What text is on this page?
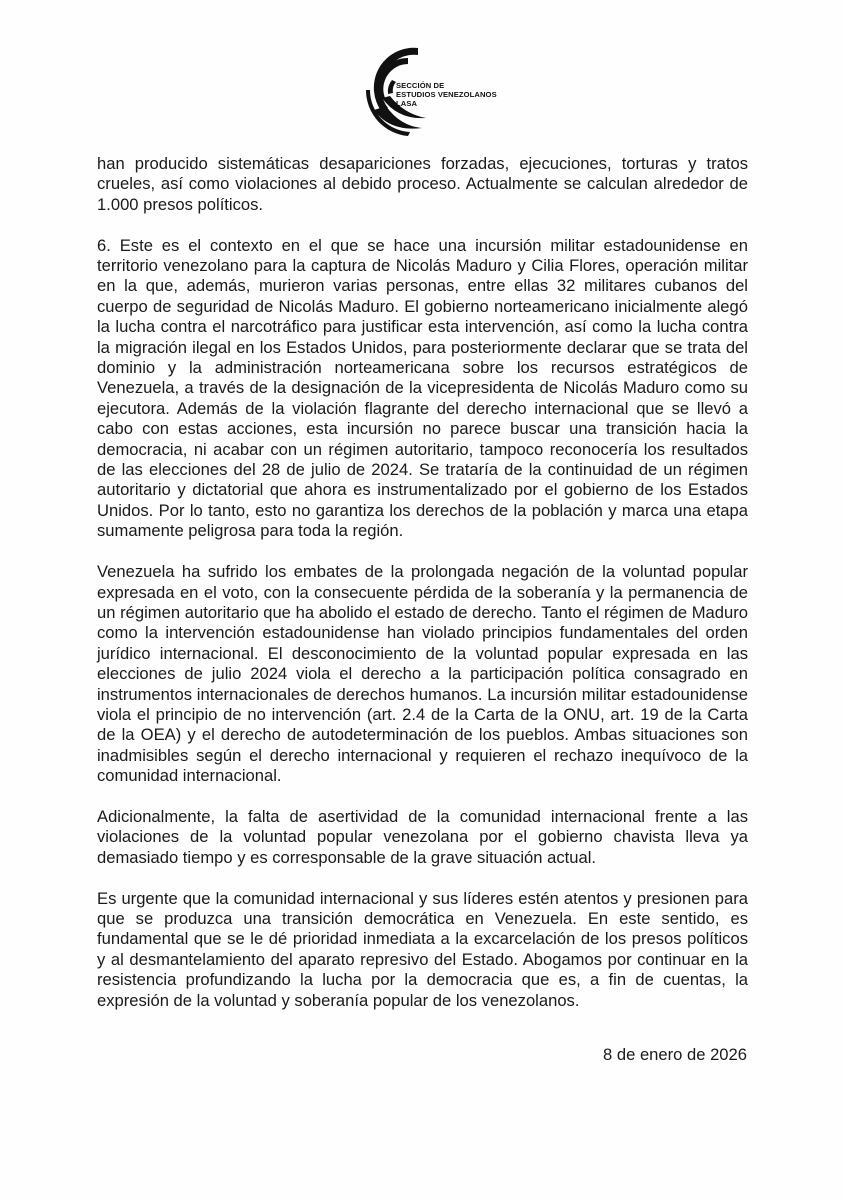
SECCIÓN DE
ESTUDIOS VENEZOLANOS
LASA

han producido sistemáticas desapariciones forzadas, ejecuciones, torturas y tratos crueles, así como violaciones al debido proceso. Actualmente se calculan alrededor de 1.000 presos políticos.

6. Este es el contexto en el que se hace una incursión militar estadounidense en territorio venezolano para la captura de Nicolás Maduro y Cilia Flores, operación militar en la que, además, murieron varias personas, entre ellas 32 militares cubanos del cuerpo de seguridad de Nicolás Maduro. El gobierno norteamericano inicialmente alegó la lucha contra el narcotráfico para justificar esta intervención, así como la lucha contra la migración ilegal en los Estados Unidos, para posteriormente declarar que se trata del dominio y la administración norteamericana sobre los recursos estratégicos de Venezuela, a través de la designación de la vicepresidenta de Nicolás Maduro como su ejecutora. Además de la violación flagrante del derecho internacional que se llevó a cabo con estas acciones, esta incursión no parece buscar una transición hacia la democracia, ni acabar con un régimen autoritario, tampoco reconocería los resultados de las elecciones del 28 de julio de 2024. Se trataría de la continuidad de un régimen autoritario y dictatorial que ahora es instrumentalizado por el gobierno de los Estados Unidos. Por lo tanto, esto no garantiza los derechos de la población y marca una etapa sumamente peligrosa para toda la región.

Venezuela ha sufrido los embates de la prolongada negación de la voluntad popular expresada en el voto, con la consecuente pérdida de la soberanía y la permanencia de un régimen autoritario que ha abolido el estado de derecho. Tanto el régimen de Maduro como la intervención estadounidense han violado principios fundamentales del orden jurídico internacional. El desconocimiento de la voluntad popular expresada en las elecciones de julio 2024 viola el derecho a la participación política consagrado en instrumentos internacionales de derechos humanos. La incursión militar estadounidense viola el principio de no intervención (art. 2.4 de la Carta de la ONU, art. 19 de la Carta de la OEA) y el derecho de autodeterminación de los pueblos. Ambas situaciones son inadmisibles según el derecho internacional y requieren el rechazo inequívoco de la comunidad internacional.

Adicionalmente, la falta de asertividad de la comunidad internacional frente a las violaciones de la voluntad popular venezolana por el gobierno chavista lleva ya demasiado tiempo y es corresponsable de la grave situación actual.

Es urgente que la comunidad internacional y sus líderes estén atentos y presionen para que se produzca una transición democrática en Venezuela. En este sentido, es fundamental que se le dé prioridad inmediata a la excarcelación de los presos políticos y al desmantelamiento del aparato represivo del Estado. Abogamos por continuar en la resistencia profundizando la lucha por la democracia que es, a fin de cuentas, la expresión de la voluntad y soberanía popular de los venezolanos.

8 de enero de 2026
